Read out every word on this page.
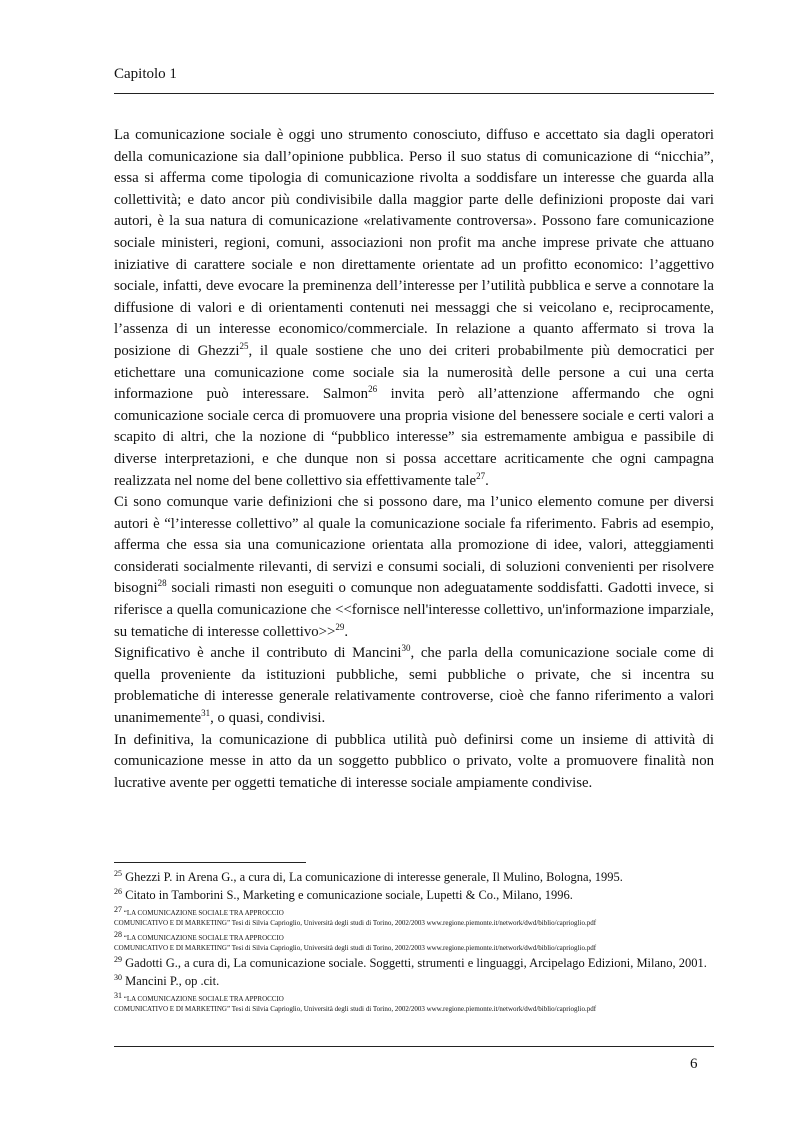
Capitolo 1

La comunicazione sociale è oggi uno strumento conosciuto, diffuso e accettato sia dagli operatori della comunicazione sia dall’opinione pubblica. Perso il suo status di comunicazione di “nicchia”, essa si afferma come tipologia di comunicazione rivolta a soddisfare un interesse che guarda alla collettività; e dato ancor più condivisibile dalla maggior parte delle definizioni proposte dai vari autori, è la sua natura di comunicazione «relativamente controversa». Possono fare comunicazione sociale ministeri, regioni, comuni, associazioni non profit ma anche imprese private che attuano iniziative di carattere sociale e non direttamente orientate ad un profitto economico: l’aggettivo sociale, infatti, deve evocare la preminenza dell’interesse per l’utilità pubblica e serve a connotare la diffusione di valori e di orientamenti contenuti nei messaggi che si veicolano e, reciprocamente, l’assenza di un interesse economico/commerciale. In relazione a quanto affermato si trova la posizione di Ghezzi$^{25}$, il quale sostiene che uno dei criteri probabilmente più democratici per etichettare una comunicazione come sociale sia la numerosità delle persone a cui una certa informazione può interessare. Salmon$^{26}$ invita però all’attenzione affermando che ogni comunicazione sociale cerca di promuovere una propria visione del benessere sociale e certi valori a scapito di altri, che la nozione di “pubblico interesse” sia estremamente ambigua e passibile di diverse interpretazioni, e che dunque non si possa accettare acriticamente che ogni campagna realizzata nel nome del bene collettivo sia effettivamente tale$^{27}$.

Ci sono comunque varie definizioni che si possono dare, ma l’unico elemento comune per diversi autori è “l’interesse collettivo” al quale la comunicazione sociale fa riferimento. Fabris ad esempio, afferma che essa sia una comunicazione orientata alla promozione di idee, valori, atteggiamenti considerati socialmente rilevanti, di servizi e consumi sociali, di soluzioni convenienti per risolvere bisogni$^{28}$ sociali rimasti non eseguiti o comunque non adeguatamente soddisfatti. Gadotti invece, si riferisce a quella comunicazione che <<fornisce nell'interesse collettivo, un'informazione imparziale, su tematiche di interesse collettivo>>$^{29}$.

Significativo è anche il contributo di Mancini$^{30}$, che parla della comunicazione sociale come di quella proveniente da istituzioni pubbliche, semi pubbliche o private, che si incentra su problematiche di interesse generale relativamente controverse, cioè che fanno riferimento a valori unanimemente$^{31}$, o quasi, condivisi.

In definitiva, la comunicazione di pubblica utilità può definirsi come un insieme di attività di comunicazione messe in atto da un soggetto pubblico o privato, volte a promuovere finalità non lucrative avente per oggetti tematiche di interesse sociale ampiamente condivise.

$^{25}$ Ghezzi P. in Arena G., a cura di, La comunicazione di interesse generale, Il Mulino, Bologna, 1995.

$^{26}$ Citato in Tamborini S., Marketing e comunicazione sociale, Lupetti & Co., Milano, 1996.

27 “LA COMUNICAZIONE SOCIALE TRA APPROCCIO
COMUNICATIVO E DI MARKETING” Tesi di Silvia Caprioglio, Università degli studi di Torino, 2002/2003 www.regione.piemonte.it/network/dwd/biblio/caprioglio.pdf

28 “LA COMUNICAZIONE SOCIALE TRA APPROCCIO
COMUNICATIVO E DI MARKETING” Tesi di Silvia Caprioglio, Università degli studi di Torino, 2002/2003 www.regione.piemonte.it/network/dwd/biblio/caprioglio.pdf

$^{29}$ Gadotti G., a cura di, La comunicazione sociale. Soggetti, strumenti e linguaggi, Arcipelago Edizioni, Milano, 2001.

$^{30}$ Mancini P., op .cit.

31 “LA COMUNICAZIONE SOCIALE TRA APPROCCIO
COMUNICATIVO E DI MARKETING” Tesi di Silvia Caprioglio, Università degli studi di Torino, 2002/2003 www.regione.piemonte.it/network/dwd/biblio/caprioglio.pdf

6
